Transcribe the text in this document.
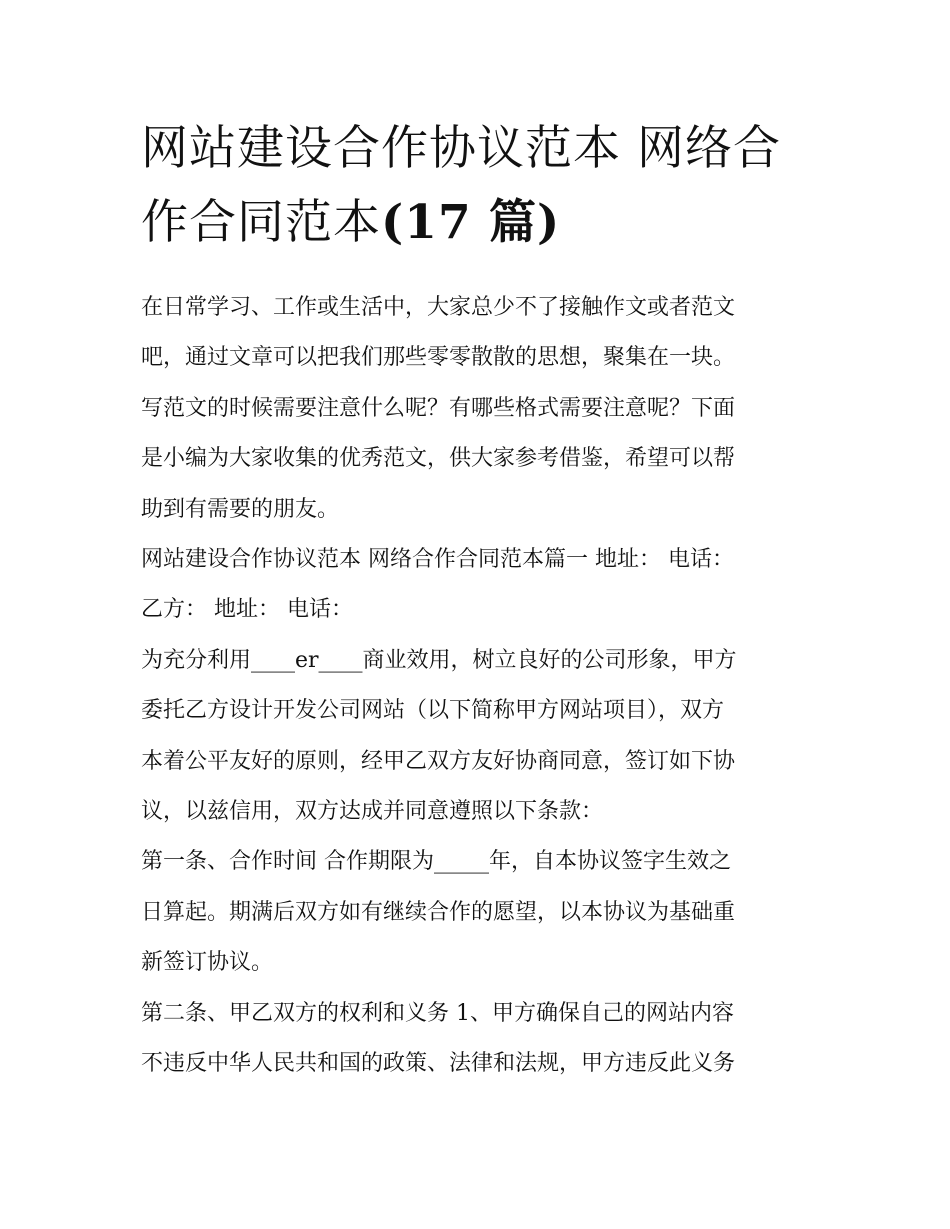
网站建设合作协议范本 网络合
作合同范本(17 篇)

在日常学习、工作或生活中，大家总少不了接触作文或者范文
吧，通过文章可以把我们那些零零散散的思想，聚集在一块。
写范文的时候需要注意什么呢？有哪些格式需要注意呢？下面
是小编为大家收集的优秀范文，供大家参考借鉴，希望可以帮
助到有需要的朋友。

网站建设合作协议范本 网络合作合同范本篇一 地址： 电话：
乙方： 地址： 电话：

为充分利用____er____商业效用，树立良好的公司形象，甲方
委托乙方设计开发公司网站（以下简称甲方网站项目），双方
本着公平友好的原则，经甲乙双方友好协商同意，签订如下协
议，以兹信用，双方达成并同意遵照以下条款：

第一条、合作时间 合作期限为_____年，自本协议签字生效之
日算起。期满后双方如有继续合作的愿望，以本协议为基础重
新签订协议。

第二条、甲乙双方的权利和义务 1、甲方确保自己的网站内容
不违反中华人民共和国的政策、法律和法规，甲方违反此义务
